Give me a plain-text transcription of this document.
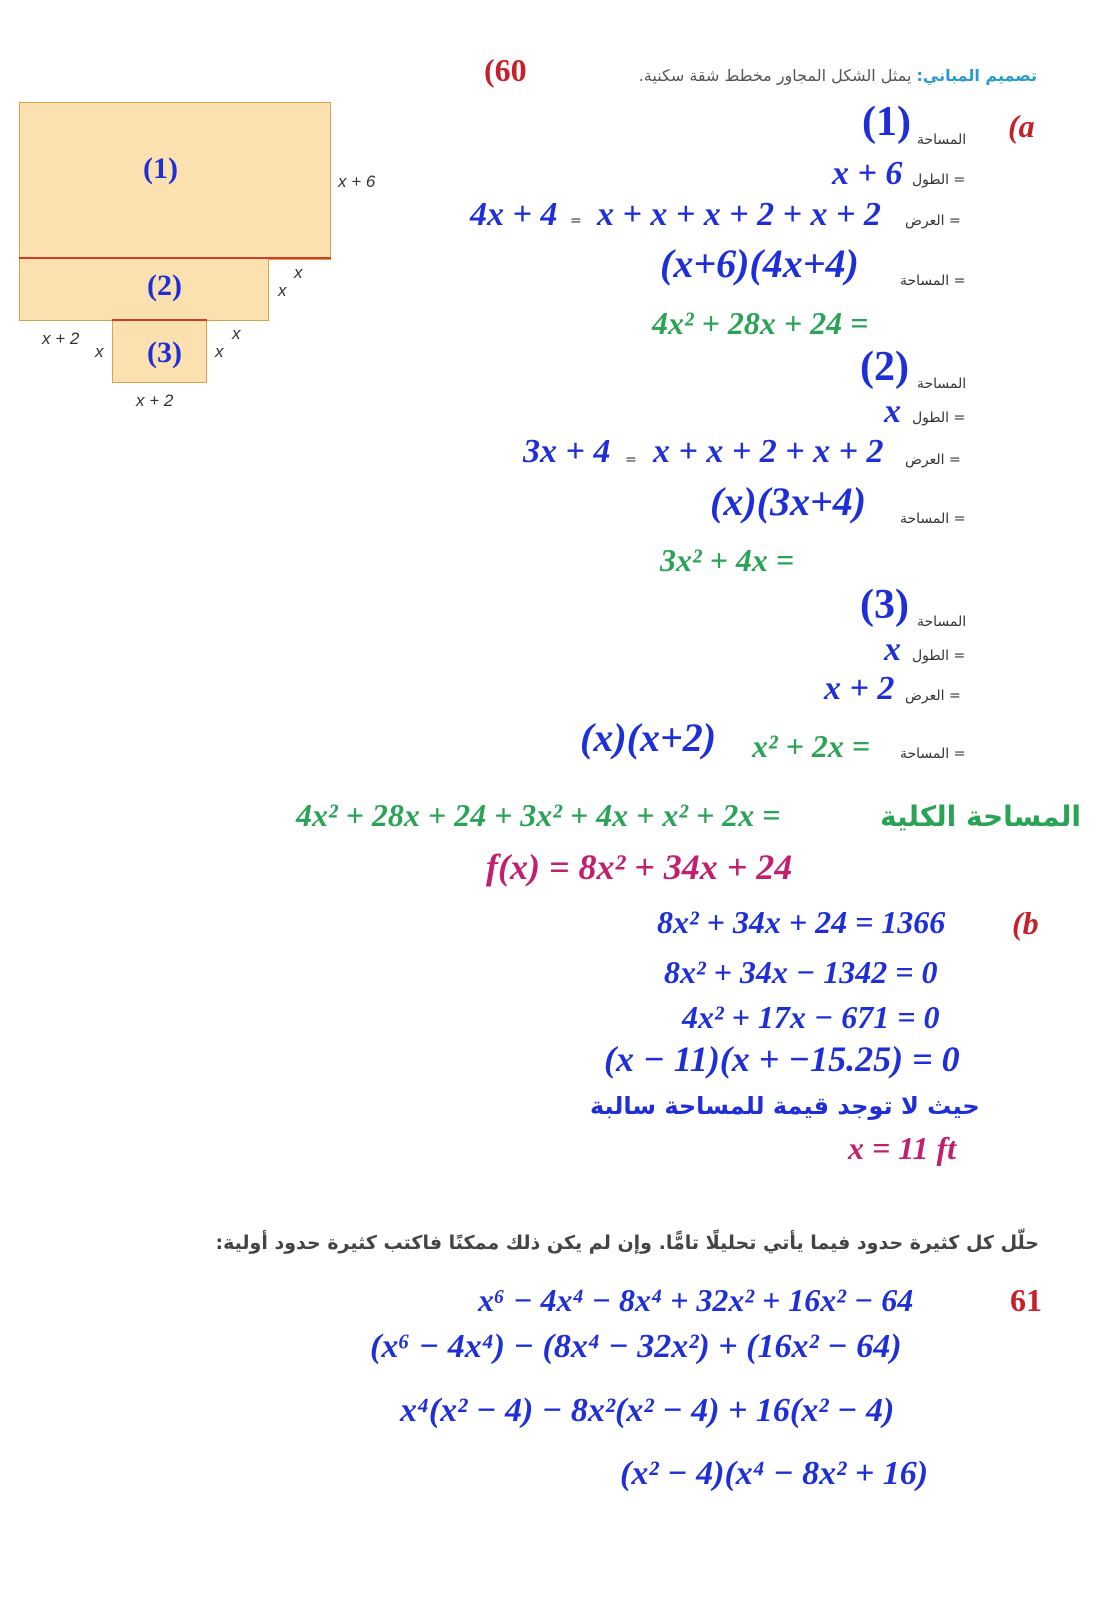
(1)
(2)
(3)
x + 6
x
x
x	x
x
x + 2
x + 2
تصميم المباني: يمثل الشكل المجاور مخطط شقة سكنية.
(60
(a
المساحة
(1)
= الطول
x + 6
= العرض
x + x + x + 2 + x + 2
=
4x + 4
= المساحة
(x+6)(4x+4)
4x² + 28x + 24 =
المساحة
(2)
= الطول
x
= العرض
x + x + 2 + x + 2
=
3x + 4
= المساحة
(x)(3x+4)
3x² + 4x =
المساحة
(3)
= الطول
x
= العرض
x + 2
= المساحة
(x)(x+2) x² + 2x =
المساحة الكلية
4x² + 28x + 24 + 3x² + 4x + x² + 2x =
f(x) = 8x² + 34x + 24
(b
8x² + 34x + 24 = 1366
8x² + 34x − 1342 = 0
4x² + 17x − 671 = 0
(x − 11)(x + −15.25) = 0
حيث لا توجد قيمة للمساحة سالبة
x = 11 ft
حلّل كل كثيرة حدود فيما يأتي تحليلًا تامًّا. وإن لم يكن ذلك ممكنًا فاكتب كثيرة حدود أولية:
61
x⁶ − 4x⁴ − 8x⁴ + 32x² + 16x² − 64
(x⁶ − 4x⁴) − (8x⁴ − 32x²) + (16x² − 64)
x⁴(x² − 4) − 8x²(x² − 4) + 16(x² − 4)
(x² − 4)(x⁴ − 8x² + 16)
